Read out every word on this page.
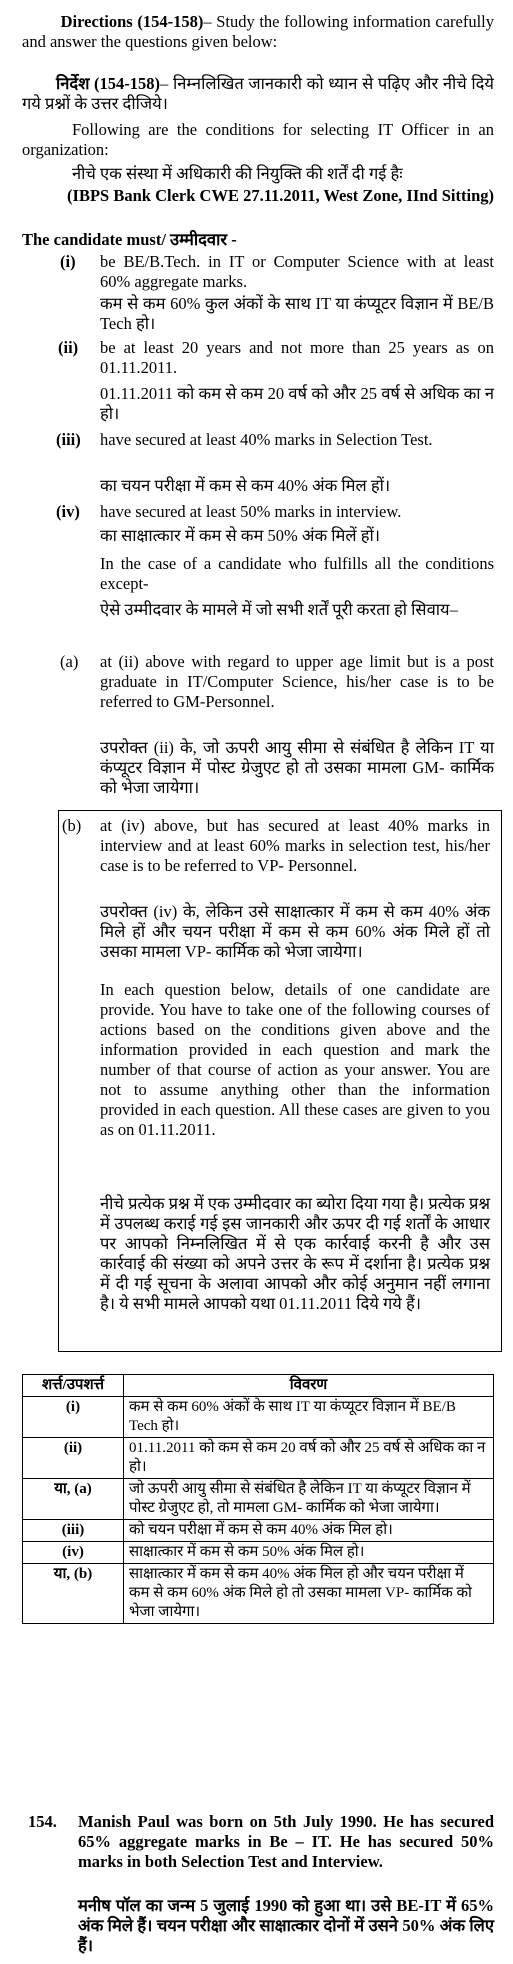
Directions (154-158)– Study the following information carefully and answer the questions given below:
निर्देश (154-158)– निम्नलिखित जानकारी को ध्यान से पढ़िए और नीचे दिये गये प्रश्नों के उत्तर दीजिये।
Following are the conditions for selecting IT Officer in an organization:
नीचे एक संस्था में अधिकारी की नियुक्ति की शर्तें दी गई हैः
(IBPS Bank Clerk CWE 27.11.2011, West Zone, IInd Sitting)
The candidate must/ उम्मीदवार -
(i) be BE/B.Tech. in IT or Computer Science with at least 60% aggregate marks.
कम से कम 60% कुल अंकों के साथ IT या कंप्यूटर विज्ञान में BE/B Tech हो।
(ii) be at least 20 years and not more than 25 years as on 01.11.2011.
01.11.2011 को कम से कम 20 वर्ष को और 25 वर्ष से अधिक का न हो।
(iii) have secured at least 40% marks in Selection Test.
का चयन परीक्षा में कम से कम 40% अंक मिल हों।
(iv) have secured at least 50% marks in interview.
का साक्षात्कार में कम से कम 50% अंक मिलें हों।
In the case of a candidate who fulfills all the conditions except-
ऐसे उम्मीदवार के मामले में जो सभी शर्तें पूरी करता हो सिवाय–
(a) at (ii) above with regard to upper age limit but is a post graduate in IT/Computer Science, his/her case is to be referred to GM-Personnel.
उपरोक्त (ii) के, जो ऊपरी आयु सीमा से संबंधित है लेकिन IT या कंप्यूटर विज्ञान में पोस्ट ग्रेजुएट हो तो उसका मामला GM- कार्मिक को भेजा जायेगा।
(b) at (iv) above, but has secured at least 40% marks in interview and at least 60% marks in selection test, his/her case is to be referred to VP- Personnel.
उपरोक्त (iv) के, लेकिन उसे साक्षात्कार में कम से कम 40% अंक मिले हों और चयन परीक्षा में कम से कम 60% अंक मिले हों तो उसका मामला VP- कार्मिक को भेजा जायेगा।
In each question below, details of one candidate are provide. You have to take one of the following courses of actions based on the conditions given above and the information provided in each question and mark the number of that course of action as your answer. You are not to assume anything other than the information provided in each question. All these cases are given to you as on 01.11.2011.
नीचे प्रत्येक प्रश्न में एक उम्मीदवार का ब्योरा दिया गया है। प्रत्येक प्रश्न में उपलब्ध कराई गई इस जानकारी और ऊपर दी गई शर्तों के आधार पर आपको निम्नलिखित में से एक कार्रवाई करनी है और उस कार्रवाई की संख्या को अपने उत्तर के रूप में दर्शाना है। प्रत्येक प्रश्न में दी गई सूचना के अलावा आपको और कोई अनुमान नहीं लगाना है। ये सभी मामले आपको यथा 01.11.2011 दिये गये हैं।
शर्त्त/उपशर्त्त	विवरण
(i)	कम से कम 60% अंकों के साथ IT या कंप्यूटर विज्ञान में BE/B Tech हो।
(ii)	01.11.2011 को कम से कम 20 वर्ष को और 25 वर्ष से अधिक का न हो।
या, (a)	जो ऊपरी आयु सीमा से संबंधित है लेकिन IT या कंप्यूटर विज्ञान में पोस्ट ग्रेजुएट हो, तो मामला GM- कार्मिक को भेजा जायेगा।
(iii)	को चयन परीक्षा में कम से कम 40% अंक मिल हो।
(iv)	साक्षात्कार में कम से कम 50% अंक मिल हो।
या, (b)	साक्षात्कार में कम से कम 40% अंक मिल हो और चयन परीक्षा में कम से कम 60% अंक मिले हो तो उसका मामला VP- कार्मिक को भेजा जायेगा।
154. Manish Paul was born on 5th July 1990. He has secured 65% aggregate marks in Be – IT. He has secured 50% marks in both Selection Test and Interview.
मनीष पॉल का जन्म 5 जुलाई 1990 को हुआ था। उसे BE-IT में 65% अंक मिले हैं। चयन परीक्षा और साक्षात्कार दोनों में उसने 50% अंक लिए हैं।
